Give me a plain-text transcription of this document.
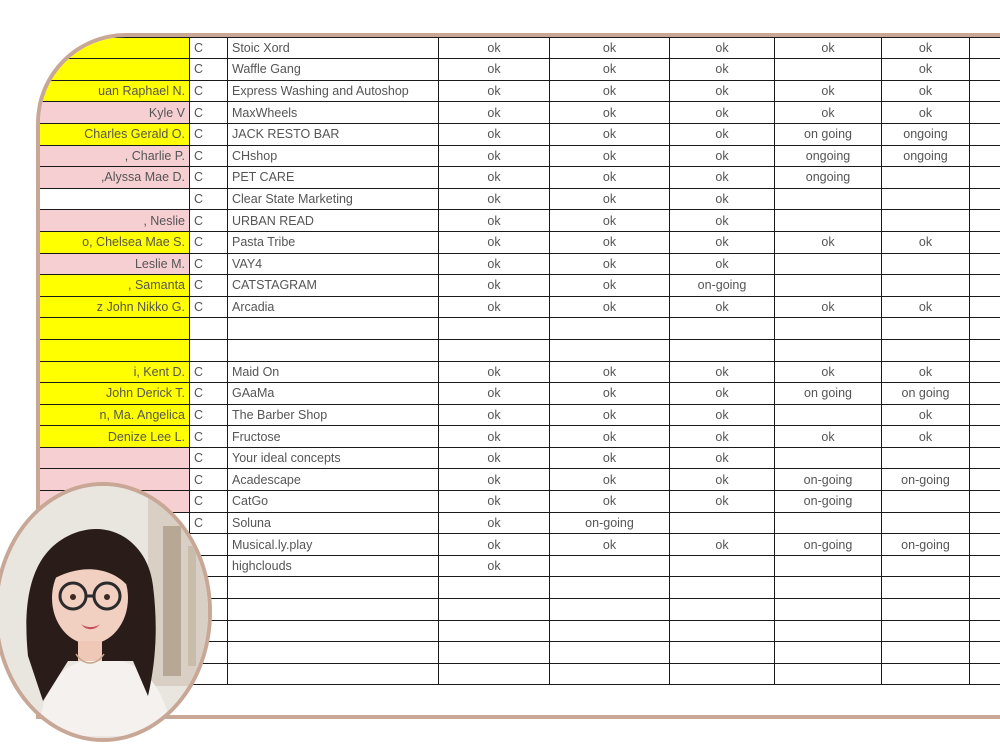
	C	Stoic Xord	ok	ok	ok	ok	ok	
	C	Waffle Gang	ok	ok	ok		ok	
uan Raphael N.	C	Express Washing and Autoshop	ok	ok	ok	ok	ok	
Kyle V	C	MaxWheels	ok	ok	ok	ok	ok	
Charles Gerald O.	C	JACK RESTO BAR	ok	ok	ok	on going	ongoing	
, Charlie P.	C	CHshop	ok	ok	ok	ongoing	ongoing	
,Alyssa Mae D.	C	PET CARE	ok	ok	ok	ongoing		
	C	Clear State Marketing	ok	ok	ok			
, Neslie	C	URBAN READ	ok	ok	ok			
o, Chelsea Mae S.	C	Pasta Tribe	ok	ok	ok	ok	ok	
Leslie M.	C	VAY4	ok	ok	ok			
, Samanta	C	CATSTAGRAM	ok	ok	on-going			
z John Nikko G.	C	Arcadia	ok	ok	ok	ok	ok	

i, Kent D.	C	Maid On	ok	ok	ok	ok	ok	
John Derick T.	C	GAaMa	ok	ok	ok	on going	on going	
n, Ma. Angelica	C	The Barber Shop	ok	ok	ok		ok	
Denize Lee L.	C	Fructose	ok	ok	ok	ok	ok	
	C	Your ideal concepts	ok	ok	ok			
	C	Acadescape	ok	ok	ok	on-going	on-going	
	C	CatGo	ok	ok	ok	on-going		
	C	Soluna	ok	on-going				
		Musical.ly.play	ok	ok	ok	on-going	on-going	
		highclouds	ok					
